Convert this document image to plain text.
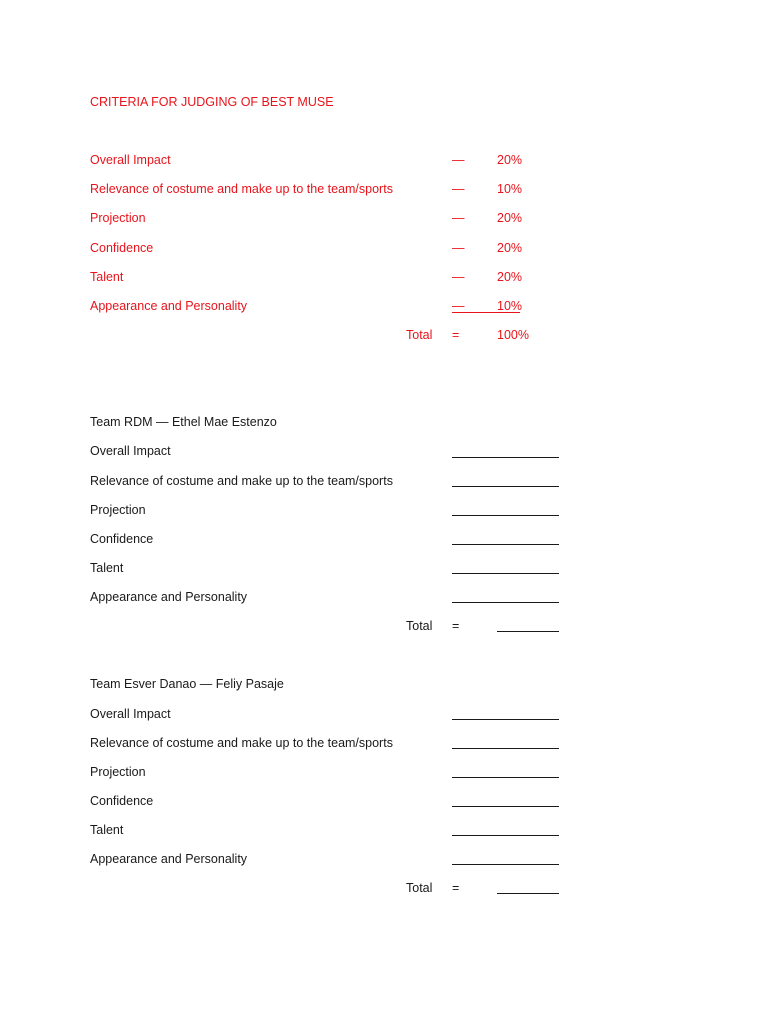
CRITERIA FOR JUDGING OF BEST MUSE
Overall Impact	—	20%
Relevance of costume and make up to the team/sports	—	10%
Projection	—	20%
Confidence	—	20%
Talent	—	20%
Appearance and Personality	—	10%
Total =	100%
Team RDM — Ethel Mae Estenzo
Overall Impact
Relevance of costume and make up to the team/sports
Projection
Confidence
Talent
Appearance and Personality
Total =
Team Esver Danao — Feliy Pasaje
Overall Impact
Relevance of costume and make up to the team/sports
Projection
Confidence
Talent
Appearance and Personality
Total =
